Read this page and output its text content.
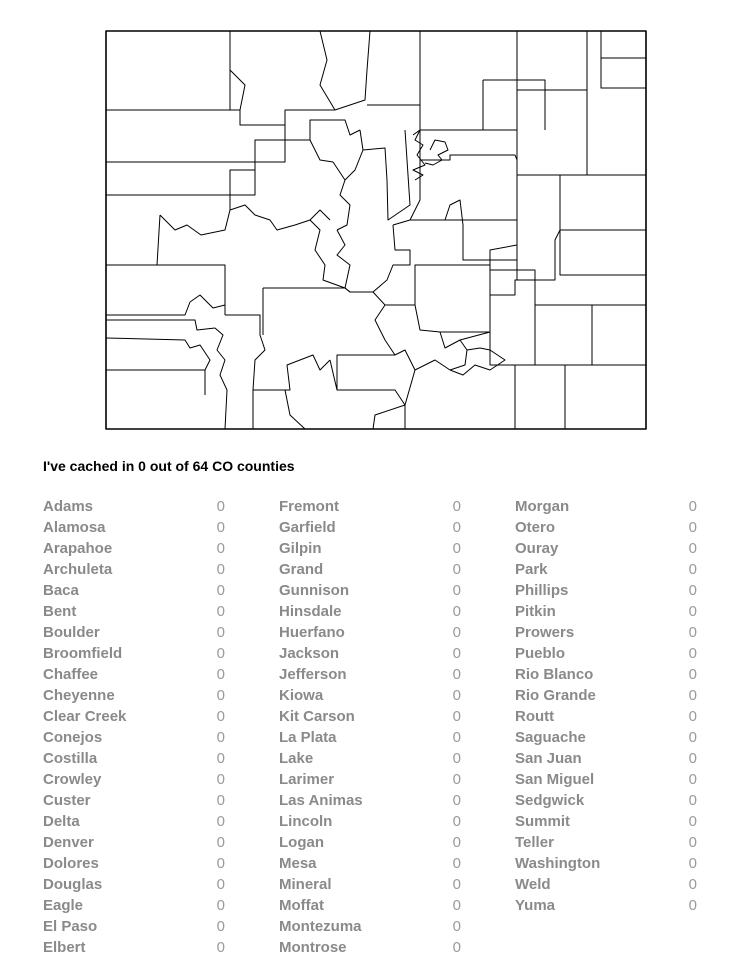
I've cached in 0 out of 64 CO counties
Adams	0
Alamosa	0
Arapahoe	0
Archuleta	0
Baca	0
Bent	0
Boulder	0
Broomfield	0
Chaffee	0
Cheyenne	0
Clear Creek	0
Conejos	0
Costilla	0
Crowley	0
Custer	0
Delta	0
Denver	0
Dolores	0
Douglas	0
Eagle	0
El Paso	0
Elbert	0
Fremont	0
Garfield	0
Gilpin	0
Grand	0
Gunnison	0
Hinsdale	0
Huerfano	0
Jackson	0
Jefferson	0
Kiowa	0
Kit Carson	0
La Plata	0
Lake	0
Larimer	0
Las Animas	0
Lincoln	0
Logan	0
Mesa	0
Mineral	0
Moffat	0
Montezuma	0
Montrose	0
Morgan	0
Otero	0
Ouray	0
Park	0
Phillips	0
Pitkin	0
Prowers	0
Pueblo	0
Rio Blanco	0
Rio Grande	0
Routt	0
Saguache	0
San Juan	0
San Miguel	0
Sedgwick	0
Summit	0
Teller	0
Washington	0
Weld	0
Yuma	0
